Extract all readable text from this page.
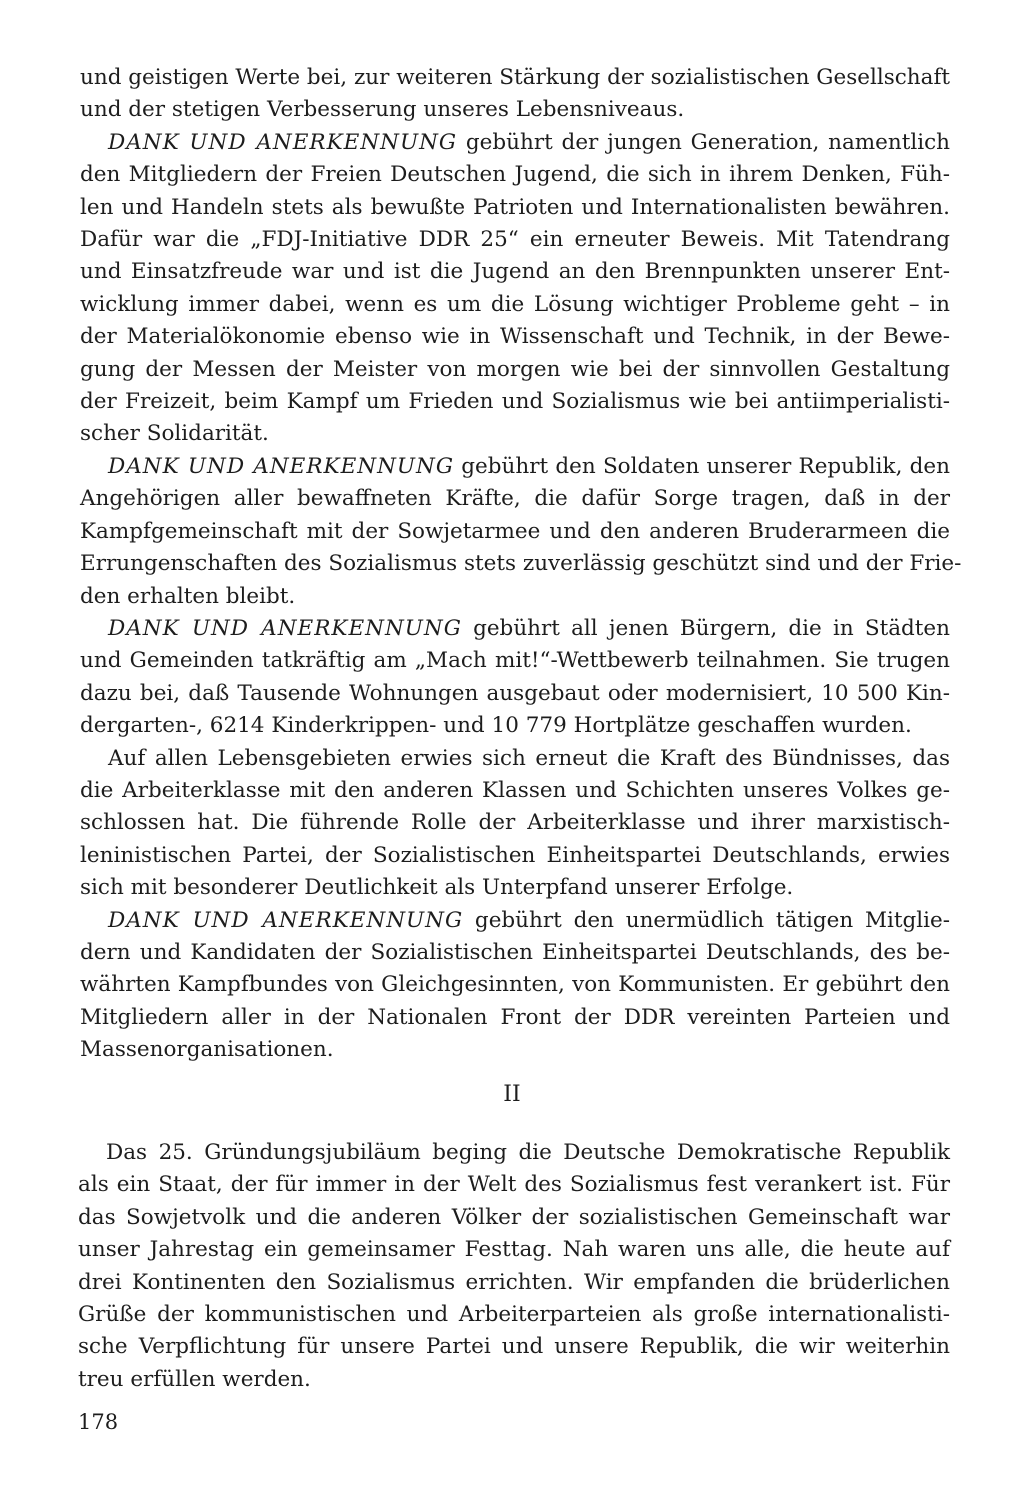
und geistigen Werte bei, zur weiteren Stärkung der sozialistischen Gesellschaft
und der stetigen Verbesserung unseres Lebensniveaus.
DANK UND ANERKENNUNG gebührt der jungen Generation, namentlich
den Mitgliedern der Freien Deutschen Jugend, die sich in ihrem Denken, Füh-
len und Handeln stets als bewußte Patrioten und Internationalisten bewähren.
Dafür war die „FDJ-Initiative DDR 25“ ein erneuter Beweis. Mit Tatendrang
und Einsatzfreude war und ist die Jugend an den Brennpunkten unserer Ent-
wicklung immer dabei, wenn es um die Lösung wichtiger Probleme geht – in
der Materialökonomie ebenso wie in Wissenschaft und Technik, in der Bewe-
gung der Messen der Meister von morgen wie bei der sinnvollen Gestaltung
der Freizeit, beim Kampf um Frieden und Sozialismus wie bei antiimperialisti-
scher Solidarität.
DANK UND ANERKENNUNG gebührt den Soldaten unserer Republik, den
Angehörigen aller bewaffneten Kräfte, die dafür Sorge tragen, daß in der
Kampfgemeinschaft mit der Sowjetarmee und den anderen Bruderarmeen die
Errungenschaften des Sozialismus stets zuverlässig geschützt sind und der Frie-
den erhalten bleibt.
DANK UND ANERKENNUNG gebührt all jenen Bürgern, die in Städten
und Gemeinden tatkräftig am „Mach mit!“-Wettbewerb teilnahmen. Sie trugen
dazu bei, daß Tausende Wohnungen ausgebaut oder modernisiert, 10 500 Kin-
dergarten-, 6214 Kinderkrippen- und 10 779 Hortplätze geschaffen wurden.
Auf allen Lebensgebieten erwies sich erneut die Kraft des Bündnisses, das
die Arbeiterklasse mit den anderen Klassen und Schichten unseres Volkes ge-
schlossen hat. Die führende Rolle der Arbeiterklasse und ihrer marxistisch-
leninistischen Partei, der Sozialistischen Einheitspartei Deutschlands, erwies
sich mit besonderer Deutlichkeit als Unterpfand unserer Erfolge.
DANK UND ANERKENNUNG gebührt den unermüdlich tätigen Mitglie-
dern und Kandidaten der Sozialistischen Einheitspartei Deutschlands, des be-
währten Kampfbundes von Gleichgesinnten, von Kommunisten. Er gebührt den
Mitgliedern aller in der Nationalen Front der DDR vereinten Parteien und
Massenorganisationen.
II
Das 25. Gründungsjubiläum beging die Deutsche Demokratische Republik
als ein Staat, der für immer in der Welt des Sozialismus fest verankert ist. Für
das Sowjetvolk und die anderen Völker der sozialistischen Gemeinschaft war
unser Jahrestag ein gemeinsamer Festtag. Nah waren uns alle, die heute auf
drei Kontinenten den Sozialismus errichten. Wir empfanden die brüderlichen
Grüße der kommunistischen und Arbeiterparteien als große internationalisti-
sche Verpflichtung für unsere Partei und unsere Republik, die wir weiterhin
treu erfüllen werden.
178
